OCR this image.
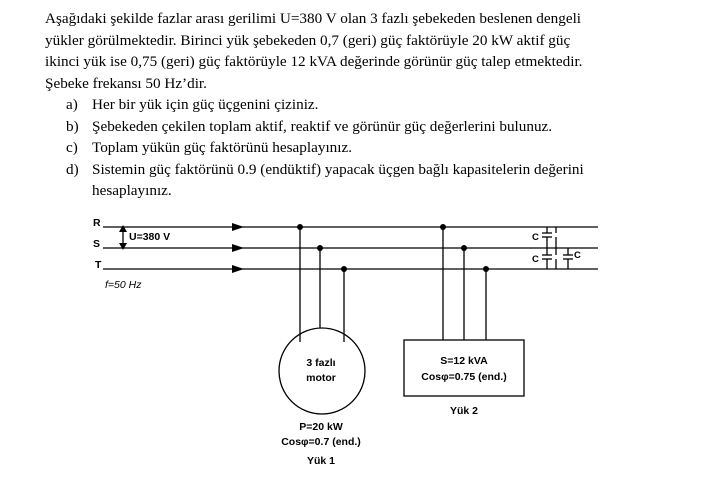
Aşağıdaki şekilde fazlar arası gerilimi U=380 V olan 3 fazlı şebekeden beslenen dengeli

yükler görülmektedir. Birinci yük şebekeden 0,7 (geri) güç faktörüyle 20 kW aktif güç

ikinci yük ise 0,75 (geri) güç faktörüyle 12 kVA değerinde görünür güç talep etmektedir.

Şebeke frekansı 50 Hz’dir.

a) Her bir yük için güç üçgenini çiziniz.
b) Şebekeden çekilen toplam aktif, reaktif ve görünür güç değerlerini bulunuz.
c) Toplam yükün güç faktörünü hesaplayınız.
d) Sistemin güç faktörünü 0.9 (endüktif) yapacak üçgen bağlı kapasitelerin değerini
hesaplayınız.
R
S
T
U=380 V
f=50 Hz
3 fazlı
motor
P=20 kW
Cosφ=0.7 (end.)
Yük 1
S=12 kVA
Cosφ=0.75 (end.)
Yük 2
C
C	C
